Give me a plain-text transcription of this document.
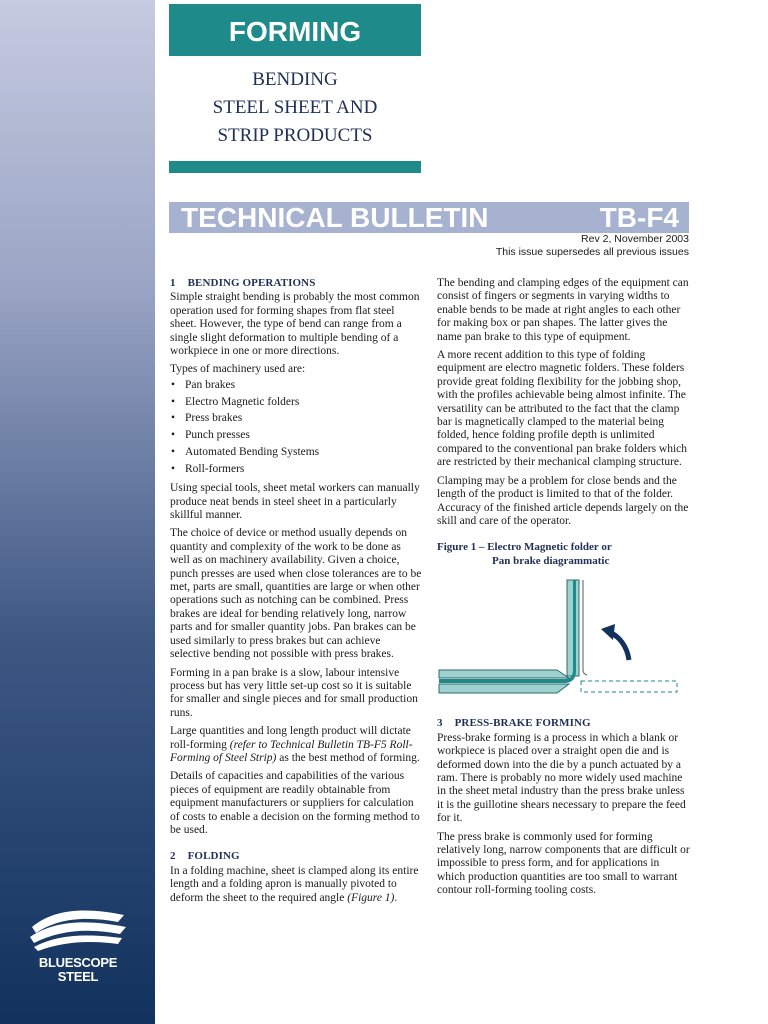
BLUESCOPE
STEEL
FORMING
BENDING
STEEL SHEET AND
STRIP PRODUCTS
TECHNICAL BULLETIN	TB-F4
Rev 2, November 2003
This issue supersedes all previous issues
1 BENDING OPERATIONS

Simple straight bending is probably the most common operation used for forming shapes from flat steel sheet. However, the type of bend can range from a single slight deformation to multiple bending of a workpiece in one or more directions.

Types of machinery used are:

• Pan brakes
• Electro Magnetic folders
• Press brakes
• Punch presses
• Automated Bending Systems
• Roll-formers

Using special tools, sheet metal workers can manually produce neat bends in steel sheet in a particularly skillful manner.

The choice of device or method usually depends on quantity and complexity of the work to be done as well as on machinery availability. Given a choice, punch presses are used when close tolerances are to be met, parts are small, quantities are large or when other operations such as notching can be combined. Press brakes are ideal for bending relatively long, narrow parts and for smaller quantity jobs. Pan brakes can be used similarly to press brakes but can achieve selective bending not possible with press brakes.

Forming in a pan brake is a slow, labour intensive process but has very little set-up cost so it is suitable for smaller and single pieces and for small production runs.

Large quantities and long length product will dictate roll-forming (refer to Technical Bulletin TB-F5 Roll-Forming of Steel Strip) as the best method of forming.

Details of capacities and capabilities of the various pieces of equipment are readily obtainable from equipment manufacturers or suppliers for calculation of costs to enable a decision on the forming method to be used.

2 FOLDING

In a folding machine, sheet is clamped along its entire length and a folding apron is manually pivoted to deform the sheet to the required angle (Figure 1).

The bending and clamping edges of the equipment can consist of fingers or segments in varying widths to enable bends to be made at right angles to each other for making box or pan shapes. The latter gives the name pan brake to this type of equipment.

A more recent addition to this type of folding equipment are electro magnetic folders. These folders provide great folding flexibility for the jobbing shop, with the profiles achievable being almost infinite. The versatility can be attributed to the fact that the clamp bar is magnetically clamped to the material being folded, hence folding profile depth is unlimited compared to the conventional pan brake folders which are restricted by their mechanical clamping structure.

Clamping may be a problem for close bends and the length of the product is limited to that of the folder. Accuracy of the finished article depends largely on the skill and care of the operator.

Figure 1 – Electro Magnetic folder or
Pan brake diagrammatic
3 PRESS-BRAKE FORMING

Press-brake forming is a process in which a blank or workpiece is placed over a straight open die and is deformed down into the die by a punch actuated by a ram. There is probably no more widely used machine in the sheet metal industry than the press brake unless it is the guillotine shears necessary to prepare the feed for it.

The press brake is commonly used for forming relatively long, narrow components that are difficult or impossible to press form, and for applications in which production quantities are too small to warrant contour roll-forming tooling costs.
